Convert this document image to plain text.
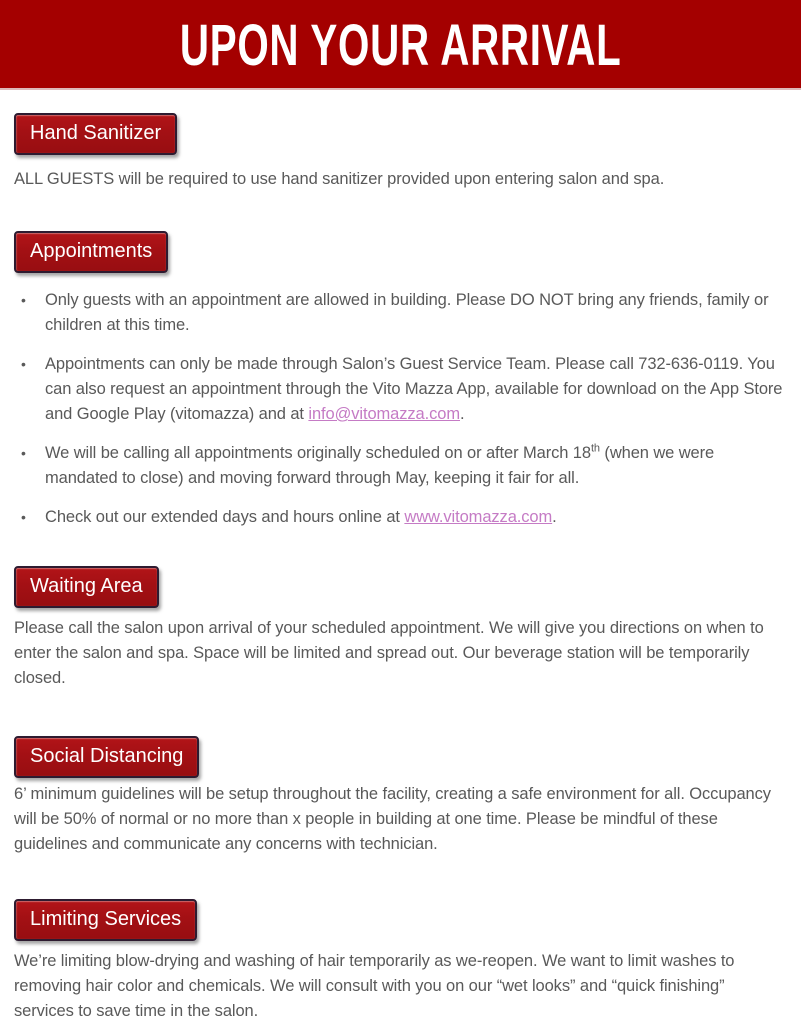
UPON YOUR ARRIVAL
Hand Sanitizer

ALL GUESTS will be required to use hand sanitizer provided upon entering salon and spa.

Appointments
•	Only guests with an appointment are allowed in building. Please DO NOT bring any friends, family or children at this time.

•	Appointments can only be made through Salon’s Guest Service Team. Please call 732-636-0119. You can also request an appointment through the Vito Mazza App, available for download on the App Store and Google Play (vitomazza) and at info@vitomazza.com.

•	We will be calling all appointments originally scheduled on or after March 18th (when we were mandated to close) and moving forward through May, keeping it fair for all.

•	Check out our extended days and hours online at www.vitomazza.com.

Waiting Area

Please call the salon upon arrival of your scheduled appointment. We will give you directions on when to enter the salon and spa. Space will be limited and spread out. Our beverage station will be temporarily closed.

Social Distancing

6’ minimum guidelines will be setup throughout the facility, creating a safe environment for all. Occupancy will be 50% of normal or no more than x people in building at one time. Please be mindful of these guidelines and communicate any concerns with technician.

Limiting Services

We’re limiting blow-drying and washing of hair temporarily as we-reopen. We want to limit washes to removing hair color and chemicals. We will consult with you on our “wet looks” and “quick finishing” services to save time in the salon.
